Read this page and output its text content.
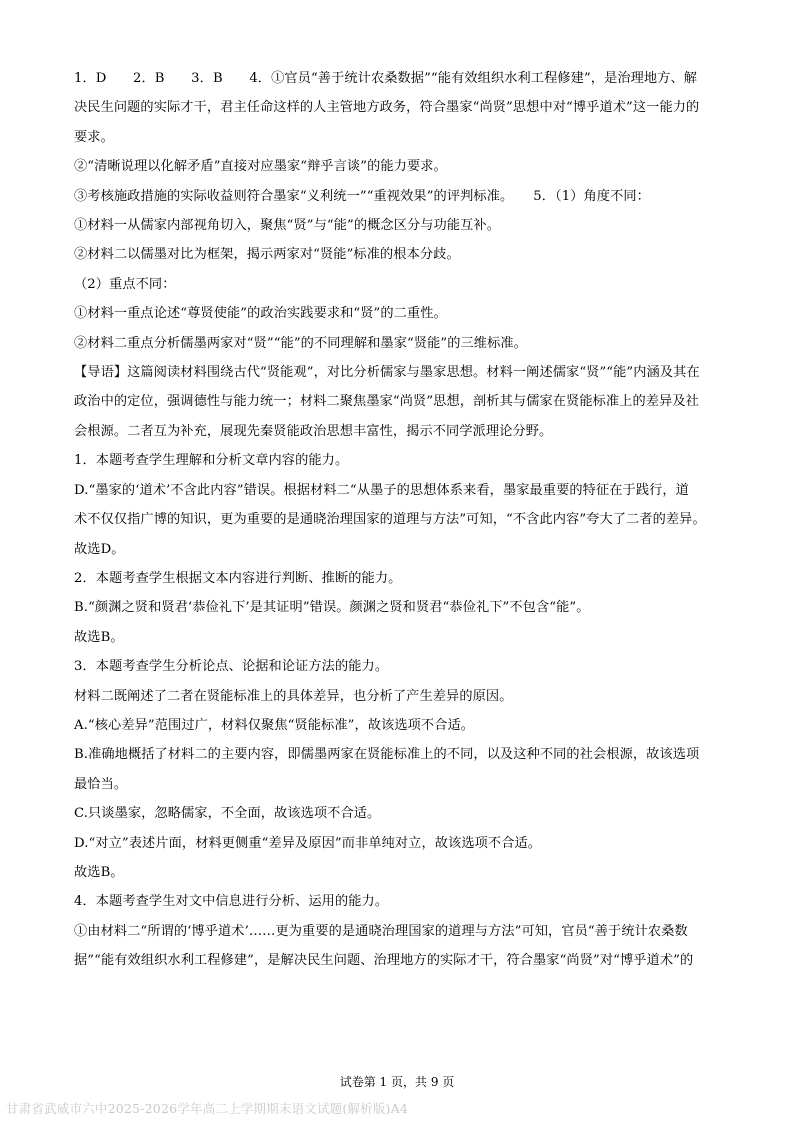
1．D　　2．B　　3．B　　4．①官员“善于统计农桑数据”“能有效组织水利工程修建”，是治理地方、解
决民生问题的实际才干，君主任命这样的人主管地方政务，符合墨家“尚贤”思想中对“博乎道术”这一能力的
要求。
②“清晰说理以化解矛盾”直接对应墨家“辩乎言谈”的能力要求。
③考核施政措施的实际收益则符合墨家“义利统一”“重视效果”的评判标准。　　5．（1）角度不同：
①材料一从儒家内部视角切入，聚焦“贤”与“能”的概念区分与功能互补。
②材料二以儒墨对比为框架，揭示两家对“贤能”标准的根本分歧。
（2）重点不同：
①材料一重点论述“尊贤使能”的政治实践要求和“贤”的二重性。
②材料二重点分析儒墨两家对“贤”“能”的不同理解和墨家“贤能”的三维标准。
【导语】这篇阅读材料围绕古代“贤能观”，对比分析儒家与墨家思想。材料一阐述儒家“贤”“能”内涵及其在
政治中的定位，强调德性与能力统一；材料二聚焦墨家“尚贤”思想，剖析其与儒家在贤能标准上的差异及社
会根源。二者互为补充，展现先秦贤能政治思想丰富性，揭示不同学派理论分野。
1．本题考查学生理解和分析文章内容的能力。
D.“墨家的‘道术’不含此内容”错误。根据材料二“从墨子的思想体系来看，墨家最重要的特征在于践行，道
术不仅仅指广博的知识，更为重要的是通晓治理国家的道理与方法”可知，“不含此内容”夸大了二者的差异。
故选D。
2．本题考查学生根据文本内容进行判断、推断的能力。
B.“颜渊之贤和贤君‘恭俭礼下’是其证明”错误。颜渊之贤和贤君“恭俭礼下”不包含“能”。
故选B。
3．本题考查学生分析论点、论据和论证方法的能力。
材料二既阐述了二者在贤能标准上的具体差异，也分析了产生差异的原因。
A.“核心差异”范围过广，材料仅聚焦“贤能标准”，故该选项不合适。
B.准确地概括了材料二的主要内容，即儒墨两家在贤能标准上的不同，以及这种不同的社会根源，故该选项
最恰当。
C.只谈墨家，忽略儒家，不全面，故该选项不合适。
D.“对立”表述片面，材料更侧重“差异及原因”而非单纯对立，故该选项不合适。
故选B。
4．本题考查学生对文中信息进行分析、运用的能力。
①由材料二“所谓的‘博乎道术’……更为重要的是通晓治理国家的道理与方法”可知，官员“善于统计农桑数
据”“能有效组织水利工程修建”，是解决民生问题、治理地方的实际才干，符合墨家“尚贤”对“博乎道术”的
试卷第 1 页，共 9 页
甘肃省武威市六中2025-2026学年高二上学期期末语文试题(解析版)A4
